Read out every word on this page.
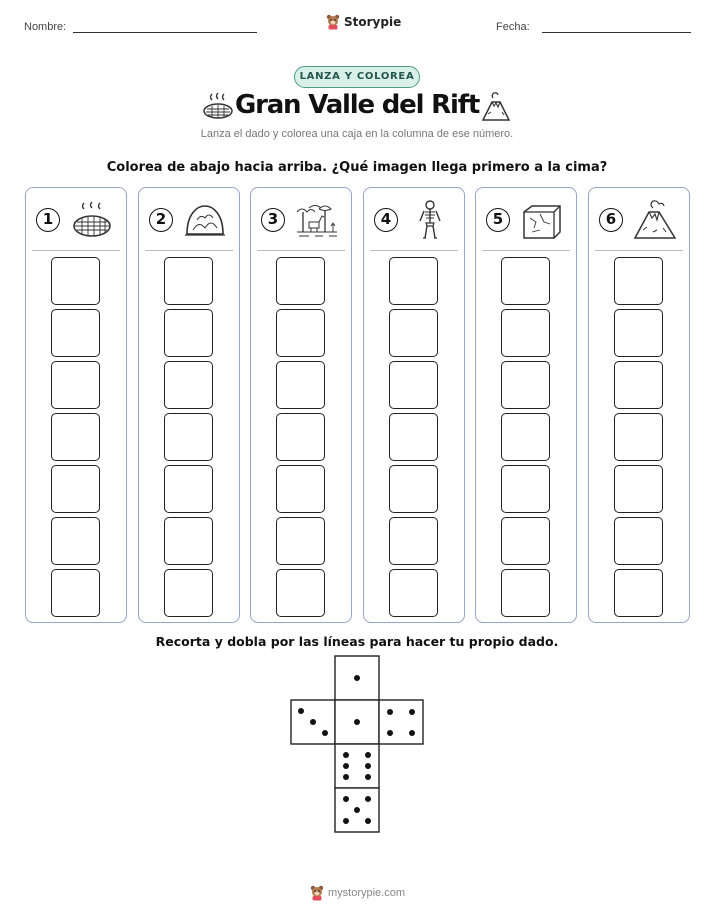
Nombre:	Storypie	Fecha:
LANZA Y COLOREA
Gran Valle del Rift
Lanza el dado y colorea una caja en la columna de ese número.
Colorea de abajo hacia arriba. ¿Qué imagen llega primero a la cima?
1	2	3	4	5	6
Recorta y dobla por las líneas para hacer tu propio dado.
mystorypie.com
